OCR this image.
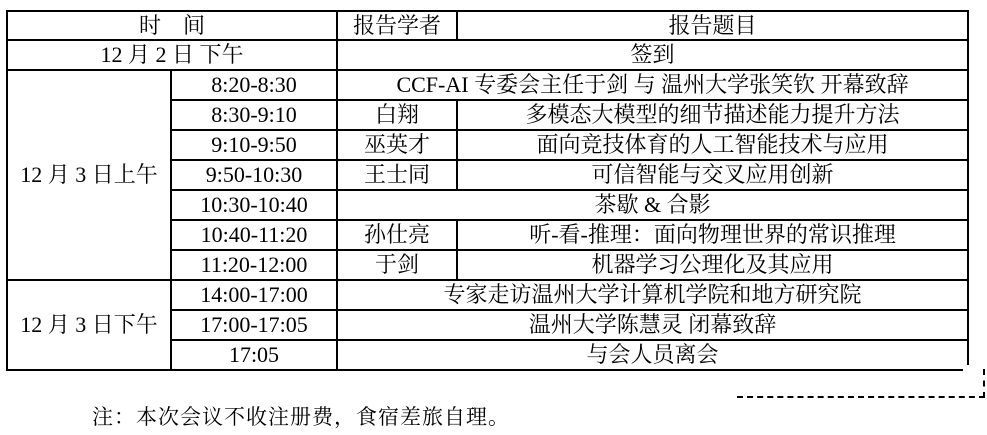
时　间		报告学者	报告题目
12 月 2 日 下午		签到	
12 月 3 日上午	8:20-8:30	CCF-AI 专委会主任于剑 与 温州大学张笑钦 开幕致辞	
	8:30-9:10	白翔	多模态大模型的细节描述能力提升方法
	9:10-9:50	巫英才	面向竞技体育的人工智能技术与应用
	9:50-10:30	王士同	可信智能与交叉应用创新
	10:30-10:40	茶歇 & 合影	
	10:40-11:20	孙仕亮	听-看-推理：面向物理世界的常识推理
	11:20-12:00	于剑	机器学习公理化及其应用
12 月 3 日下午	14:00-17:00	专家走访温州大学计算机学院和地方研究院	
	17:00-17:05	温州大学陈慧灵 闭幕致辞	
	17:05	与会人员离会	
注：本次会议不收注册费，食宿差旅自理。
